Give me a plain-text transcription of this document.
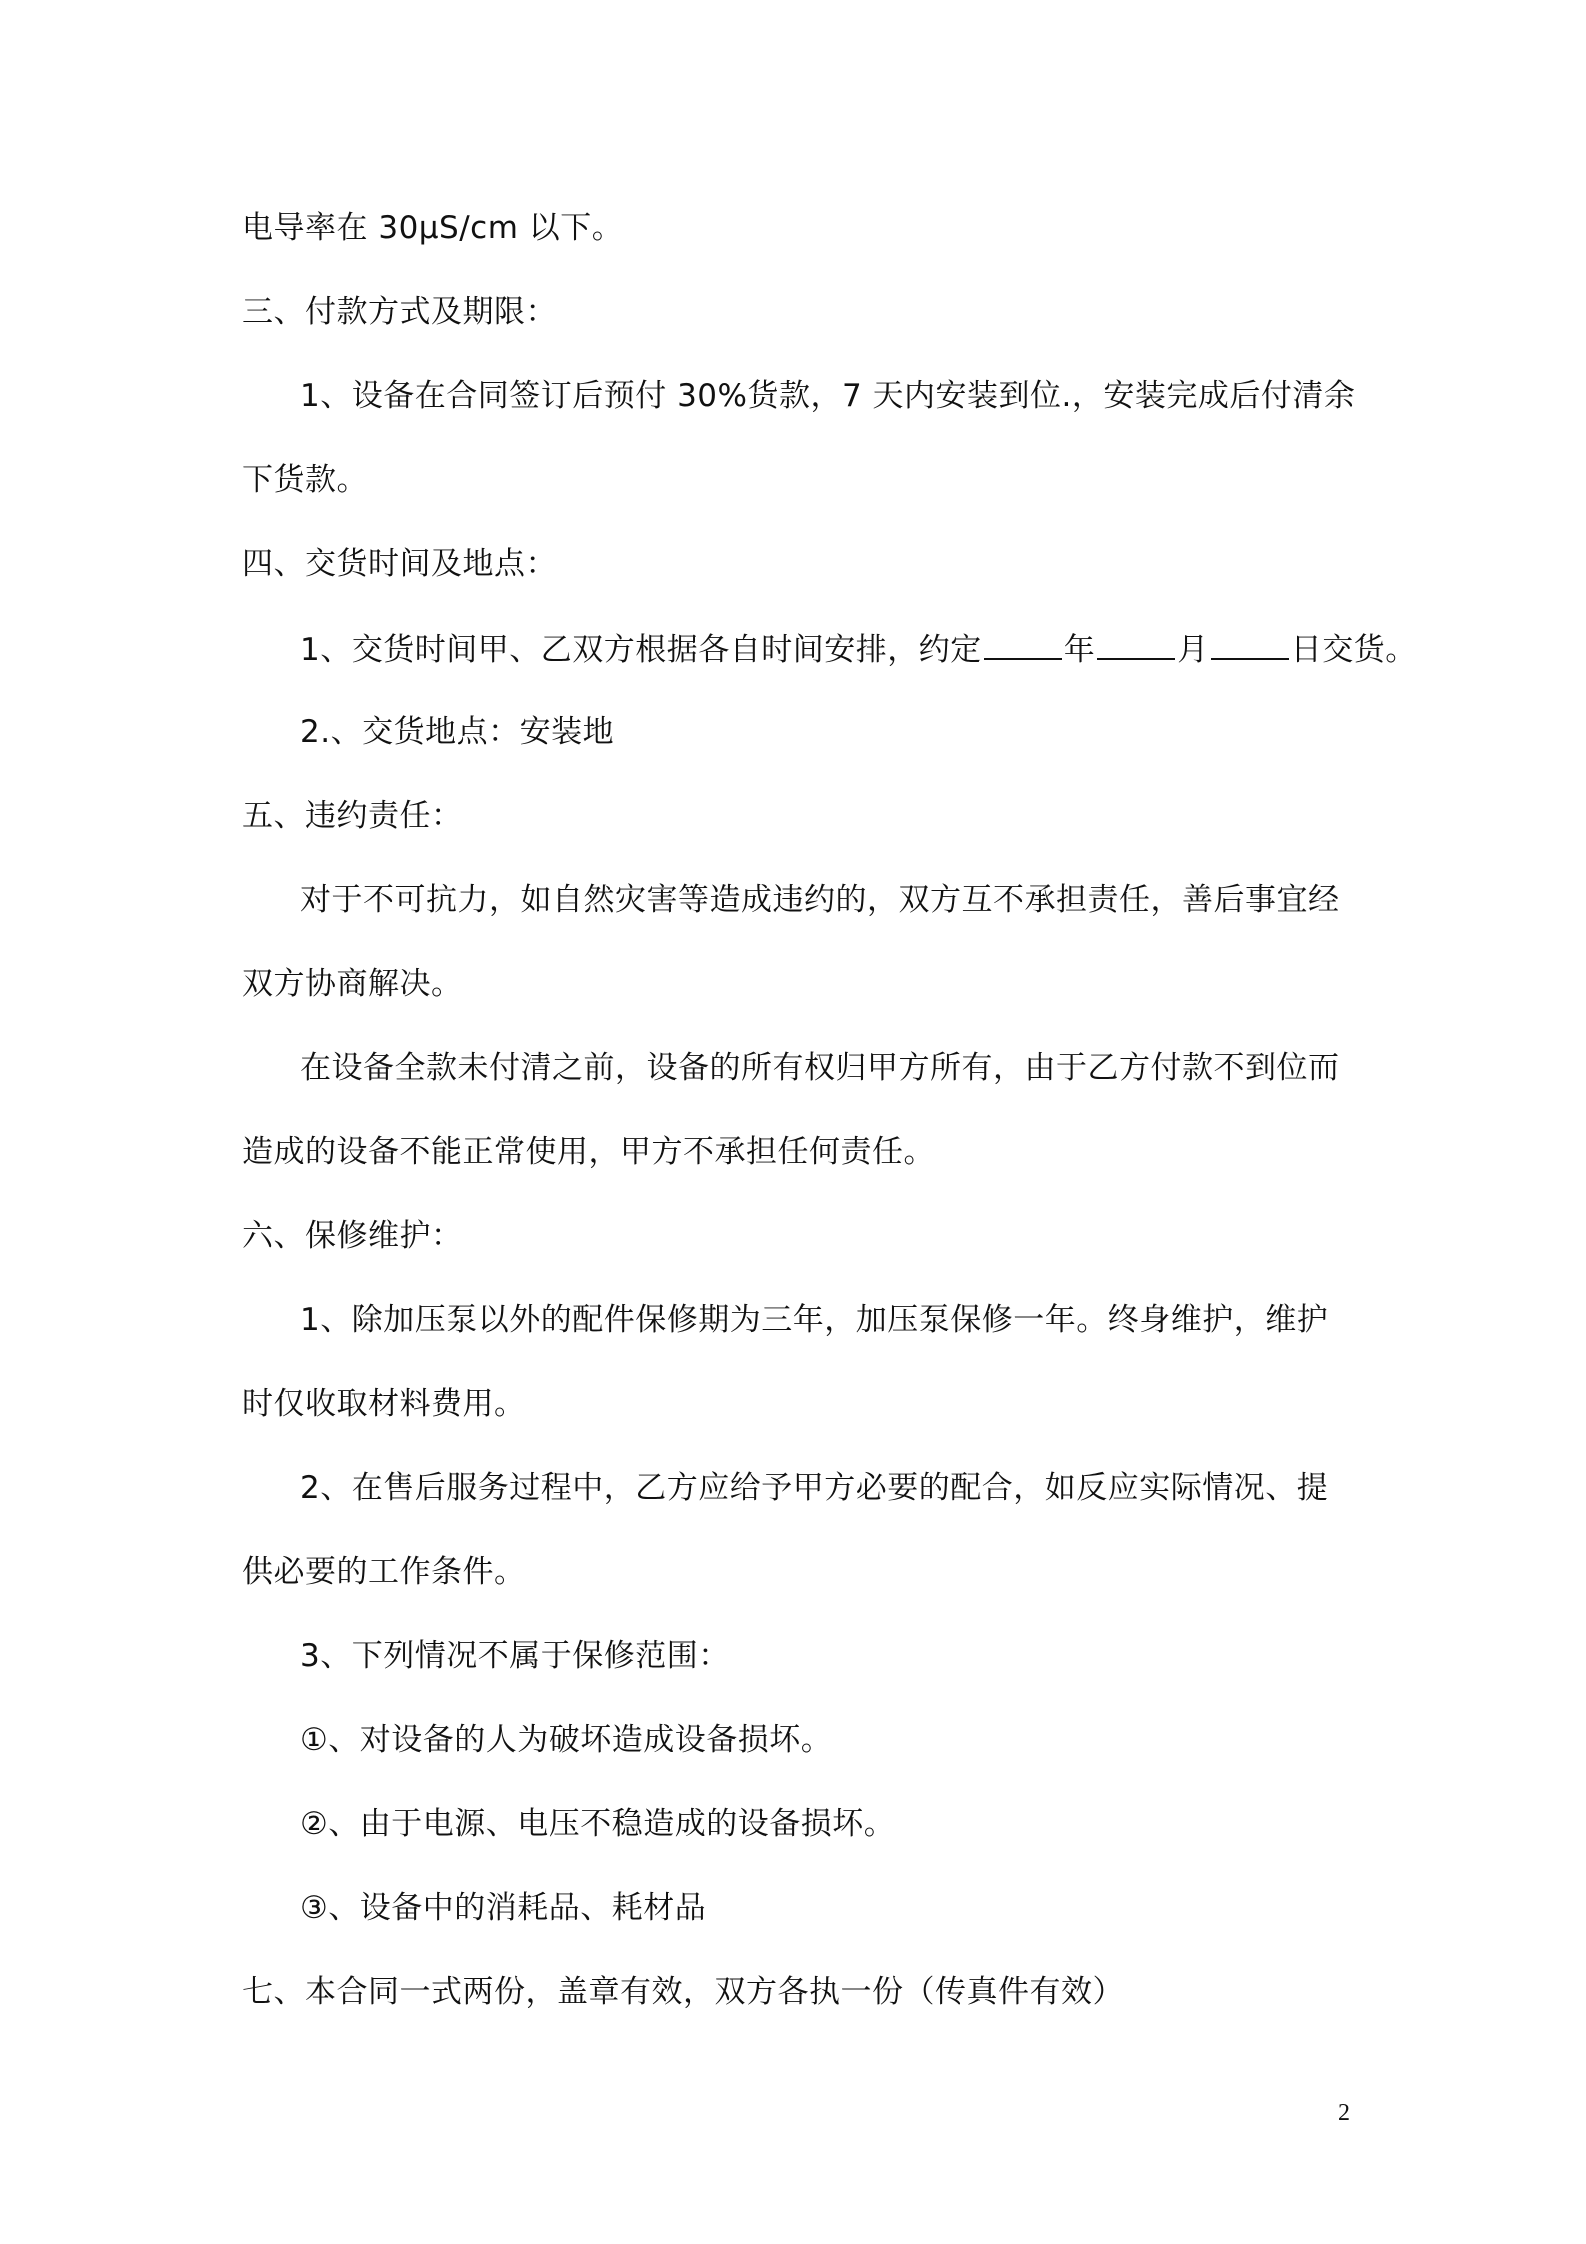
电导率在 30μS/cm 以下。
三、付款方式及期限：
1、设备在合同签订后预付 30%货款，7 天内安装到位.，安装完成后付清余
下货款。
四、交货时间及地点：
1、交货时间甲、乙双方根据各自时间安排，约定	年	月	日交货。
2.、交货地点：安装地
五、违约责任：
对于不可抗力，如自然灾害等造成违约的，双方互不承担责任，善后事宜经
双方协商解决。
在设备全款未付清之前，设备的所有权归甲方所有，由于乙方付款不到位而
造成的设备不能正常使用，甲方不承担任何责任。
六、保修维护：
1、除加压泵以外的配件保修期为三年，加压泵保修一年。终身维护，维护
时仅收取材料费用。
2、在售后服务过程中，乙方应给予甲方必要的配合，如反应实际情况、提
供必要的工作条件。
3、下列情况不属于保修范围：
①、对设备的人为破坏造成设备损坏。
②、由于电源、电压不稳造成的设备损坏。
③、设备中的消耗品、耗材品
七、本合同一式两份，盖章有效，双方各执一份（传真件有效）
2
